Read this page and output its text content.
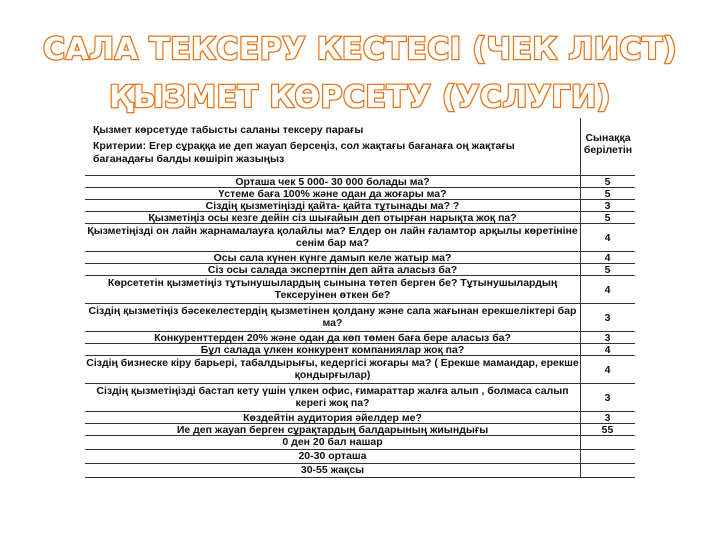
САЛА ТЕКСЕРУ КЕСТЕСІ (ЧЕК ЛИСТ)
ҚЫЗМЕТ КӨРСЕТУ (УСЛУГИ)
Қызмет көрсетуде табысты саланы тексеру парағы
Критерии: Егер сұраққа ие деп жауап берсеңіз, сол жақтағы бағанаға оң жақтағы баганадағы балды көшіріп жазыңыз
Сынаққа берілетін
Орташа чек 5 000- 30 000 болады ма?	5
Үстеме баға 100% және одан да жоғары ма?	5
Сіздің қызметіңізді қайта- қайта тұтынады ма? ?	3
Қызметіңіз осы кезге дейін сіз шығайын деп отырған нарықта жоқ па?	5
Қызметіңізді он лайн жарнамалауға қолайлы ма? Елдер он лайн ғаламтор арқылы көретініне сенім бар ма?	4
Осы сала күнен күнге дамып келе жатыр ма?	4
Сіз осы салада экспертпін деп айта аласыз ба?	5
Көрсететін қызметіңіз тұтынушылардың сынына төтеп берген бе? Тұтынушылардың Тексеруінен өткен бе?	4
Сіздің қызметіңіз бәсекелестердің қызметінен қолдану және сапа жағынан ерекшеліктері бар ма?	3
Конкуренттерден 20% және одан да көп төмен баға бере аласыз ба?	3
Бұл салада үлкен конкурент компаниялар жоқ па?	4
Сіздің бизнеске кіру барьері, табалдырығы, кедергісі жоғары ма? ( Ерекше мамандар, ерекше қондырғылар)	4
Сіздің қызметіңізді бастап кету үшін үлкен офис, ғимараттар жалға алып , болмаса салып керегі жоқ па?	3
Көздейтін аудитория әйелдер ме?	3
Ие деп жауап берген сұрақтардың балдарының жиындығы	55
0 ден 20 бал нашар
20-30 орташа
30-55 жақсы
